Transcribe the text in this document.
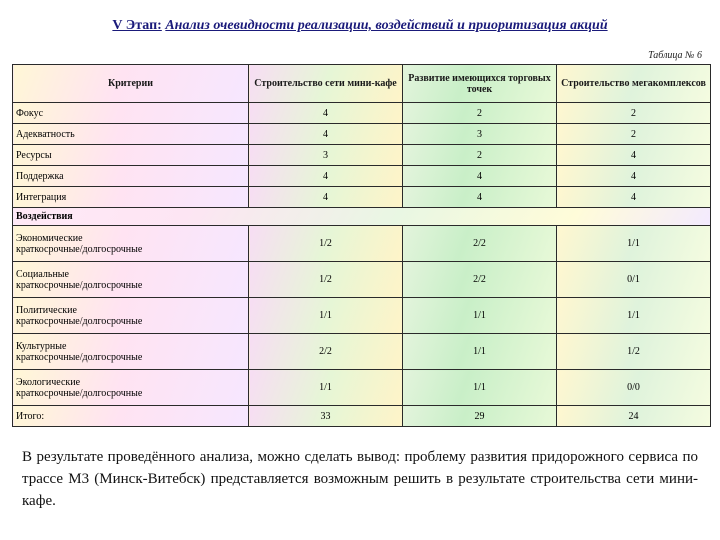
V Этап: Анализ очевидности реализации, воздействий и приоритизация акций
Таблица № 6
Критерии	Строительство сети мини-кафе	Развитие имеющихся торговых точек	Строительство мегакомплексов
Фокус	4	2	2
Адекватность	4	3	2
Ресурсы	3	2	4
Поддержка	4	4	4
Интеграция	4	4	4
Воздействия			
Экономические
краткосрочные/долгосрочные	1/2	2/2	1/1
Социальные
краткосрочные/долгосрочные	1/2	2/2	0/1
Политические
краткосрочные/долгосрочные	1/1	1/1	1/1
Культурные
краткосрочные/долгосрочные	2/2	1/1	1/2
Экологические
краткосрочные/долгосрочные	1/1	1/1	0/0
Итого:	33	29	24
В результате проведённого анализа, можно сделать вывод: проблему развития придорожного сервиса по трассе М3 (Минск-Витебск) представляется возможным решить в результате строительства сети мини-кафе.
